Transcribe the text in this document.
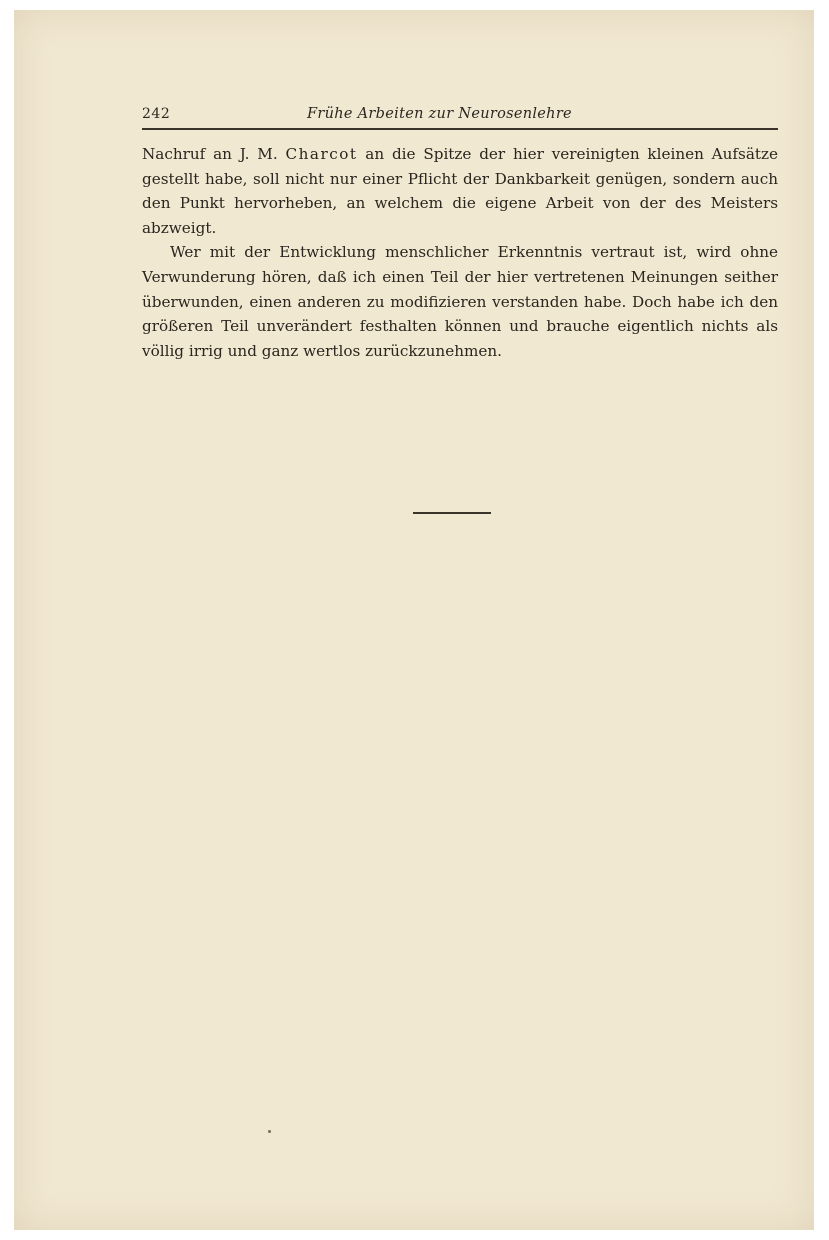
242	Frühe Arbeiten zur Neurosenlehre

Nachruf an J. M. Charcot an die Spitze der hier vereinigten kleinen Aufsätze gestellt habe, soll nicht nur einer Pflicht der Dankbarkeit genügen, sondern auch den Punkt hervorheben, an welchem die eigene Arbeit von der des Meisters abzweigt.

Wer mit der Entwicklung menschlicher Erkenntnis vertraut ist, wird ohne Verwunderung hören, daß ich einen Teil der hier vertretenen Meinungen seither überwunden, einen anderen zu modifizieren verstanden habe. Doch habe ich den größeren Teil unverändert festhalten können und brauche eigentlich nichts als völlig irrig und ganz wertlos zurückzunehmen.
